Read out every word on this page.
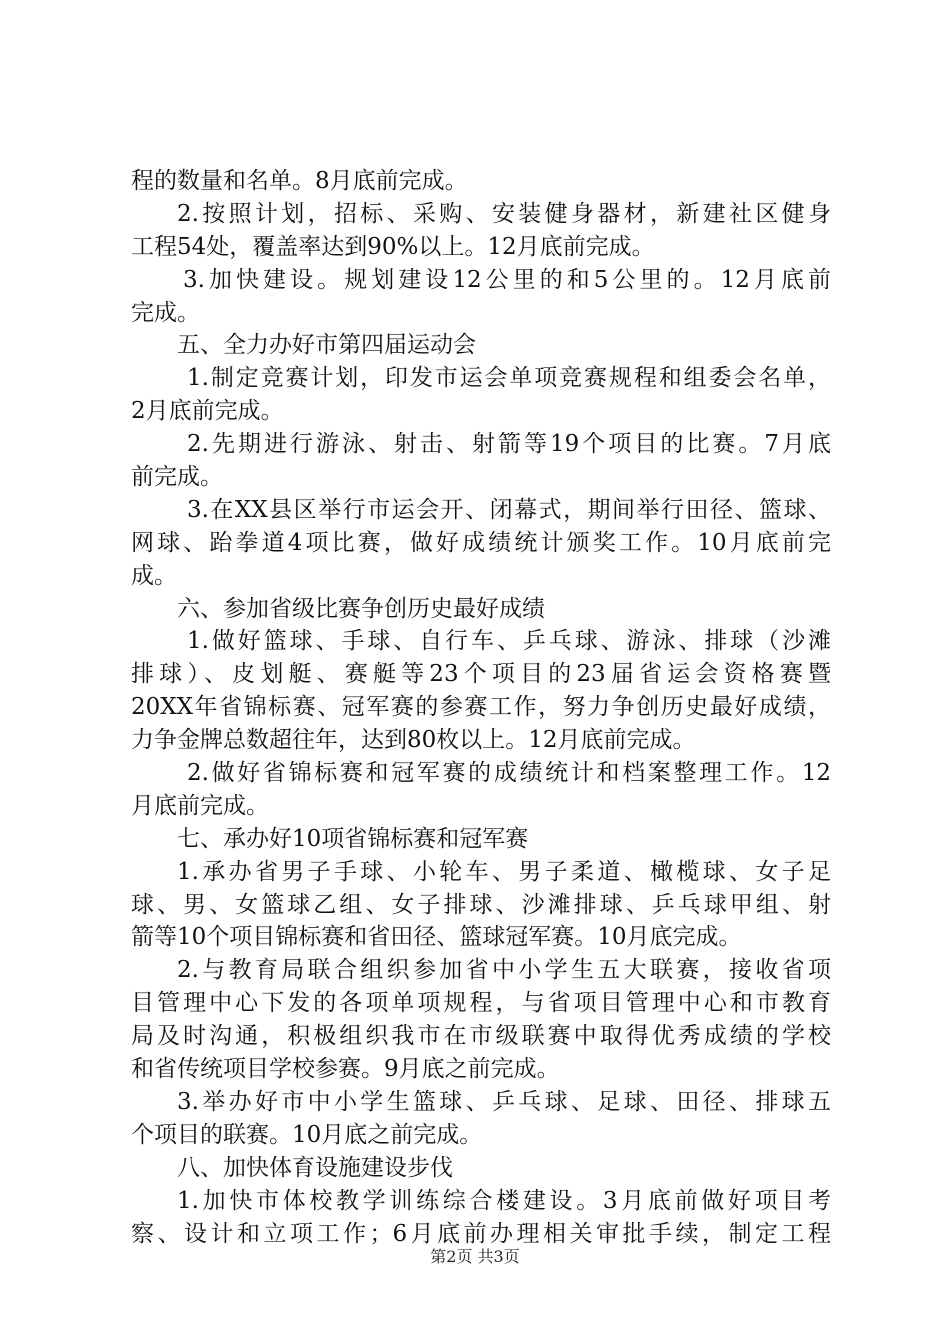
程的数量和名单。8月底前完成。
2.按照计划，招标、采购、安装健身器材，新建社区健身
工程54处，覆盖率达到90%以上。12月底前完成。
3.加快建设。规划建设12公里的和5公里的。12月底前
完成。
五、全力办好市第四届运动会
1.制定竞赛计划，印发市运会单项竞赛规程和组委会名单，
2月底前完成。
2.先期进行游泳、射击、射箭等19个项目的比赛。7月底
前完成。
3.在XX县区举行市运会开、闭幕式，期间举行田径、篮球、
网球、跆拳道4项比赛，做好成绩统计颁奖工作。10月底前完
成。
六、参加省级比赛争创历史最好成绩
1.做好篮球、手球、自行车、乒乓球、游泳、排球（沙滩
排球）、皮划艇、赛艇等23个项目的23届省运会资格赛暨
20XX年省锦标赛、冠军赛的参赛工作，努力争创历史最好成绩，
力争金牌总数超往年，达到80枚以上。12月底前完成。
2.做好省锦标赛和冠军赛的成绩统计和档案整理工作。12
月底前完成。
七、承办好10项省锦标赛和冠军赛
1.承办省男子手球、小轮车、男子柔道、橄榄球、女子足
球、男、女篮球乙组、女子排球、沙滩排球、乒乓球甲组、射
箭等10个项目锦标赛和省田径、篮球冠军赛。10月底完成。
2.与教育局联合组织参加省中小学生五大联赛，接收省项
目管理中心下发的各项单项规程，与省项目管理中心和市教育
局及时沟通，积极组织我市在市级联赛中取得优秀成绩的学校
和省传统项目学校参赛。9月底之前完成。
3.举办好市中小学生篮球、乒乓球、足球、田径、排球五
个项目的联赛。10月底之前完成。
八、加快体育设施建设步伐
1.加快市体校教学训练综合楼建设。3月底前做好项目考
察、设计和立项工作；6月底前办理相关审批手续，制定工程
第2页 共3页
